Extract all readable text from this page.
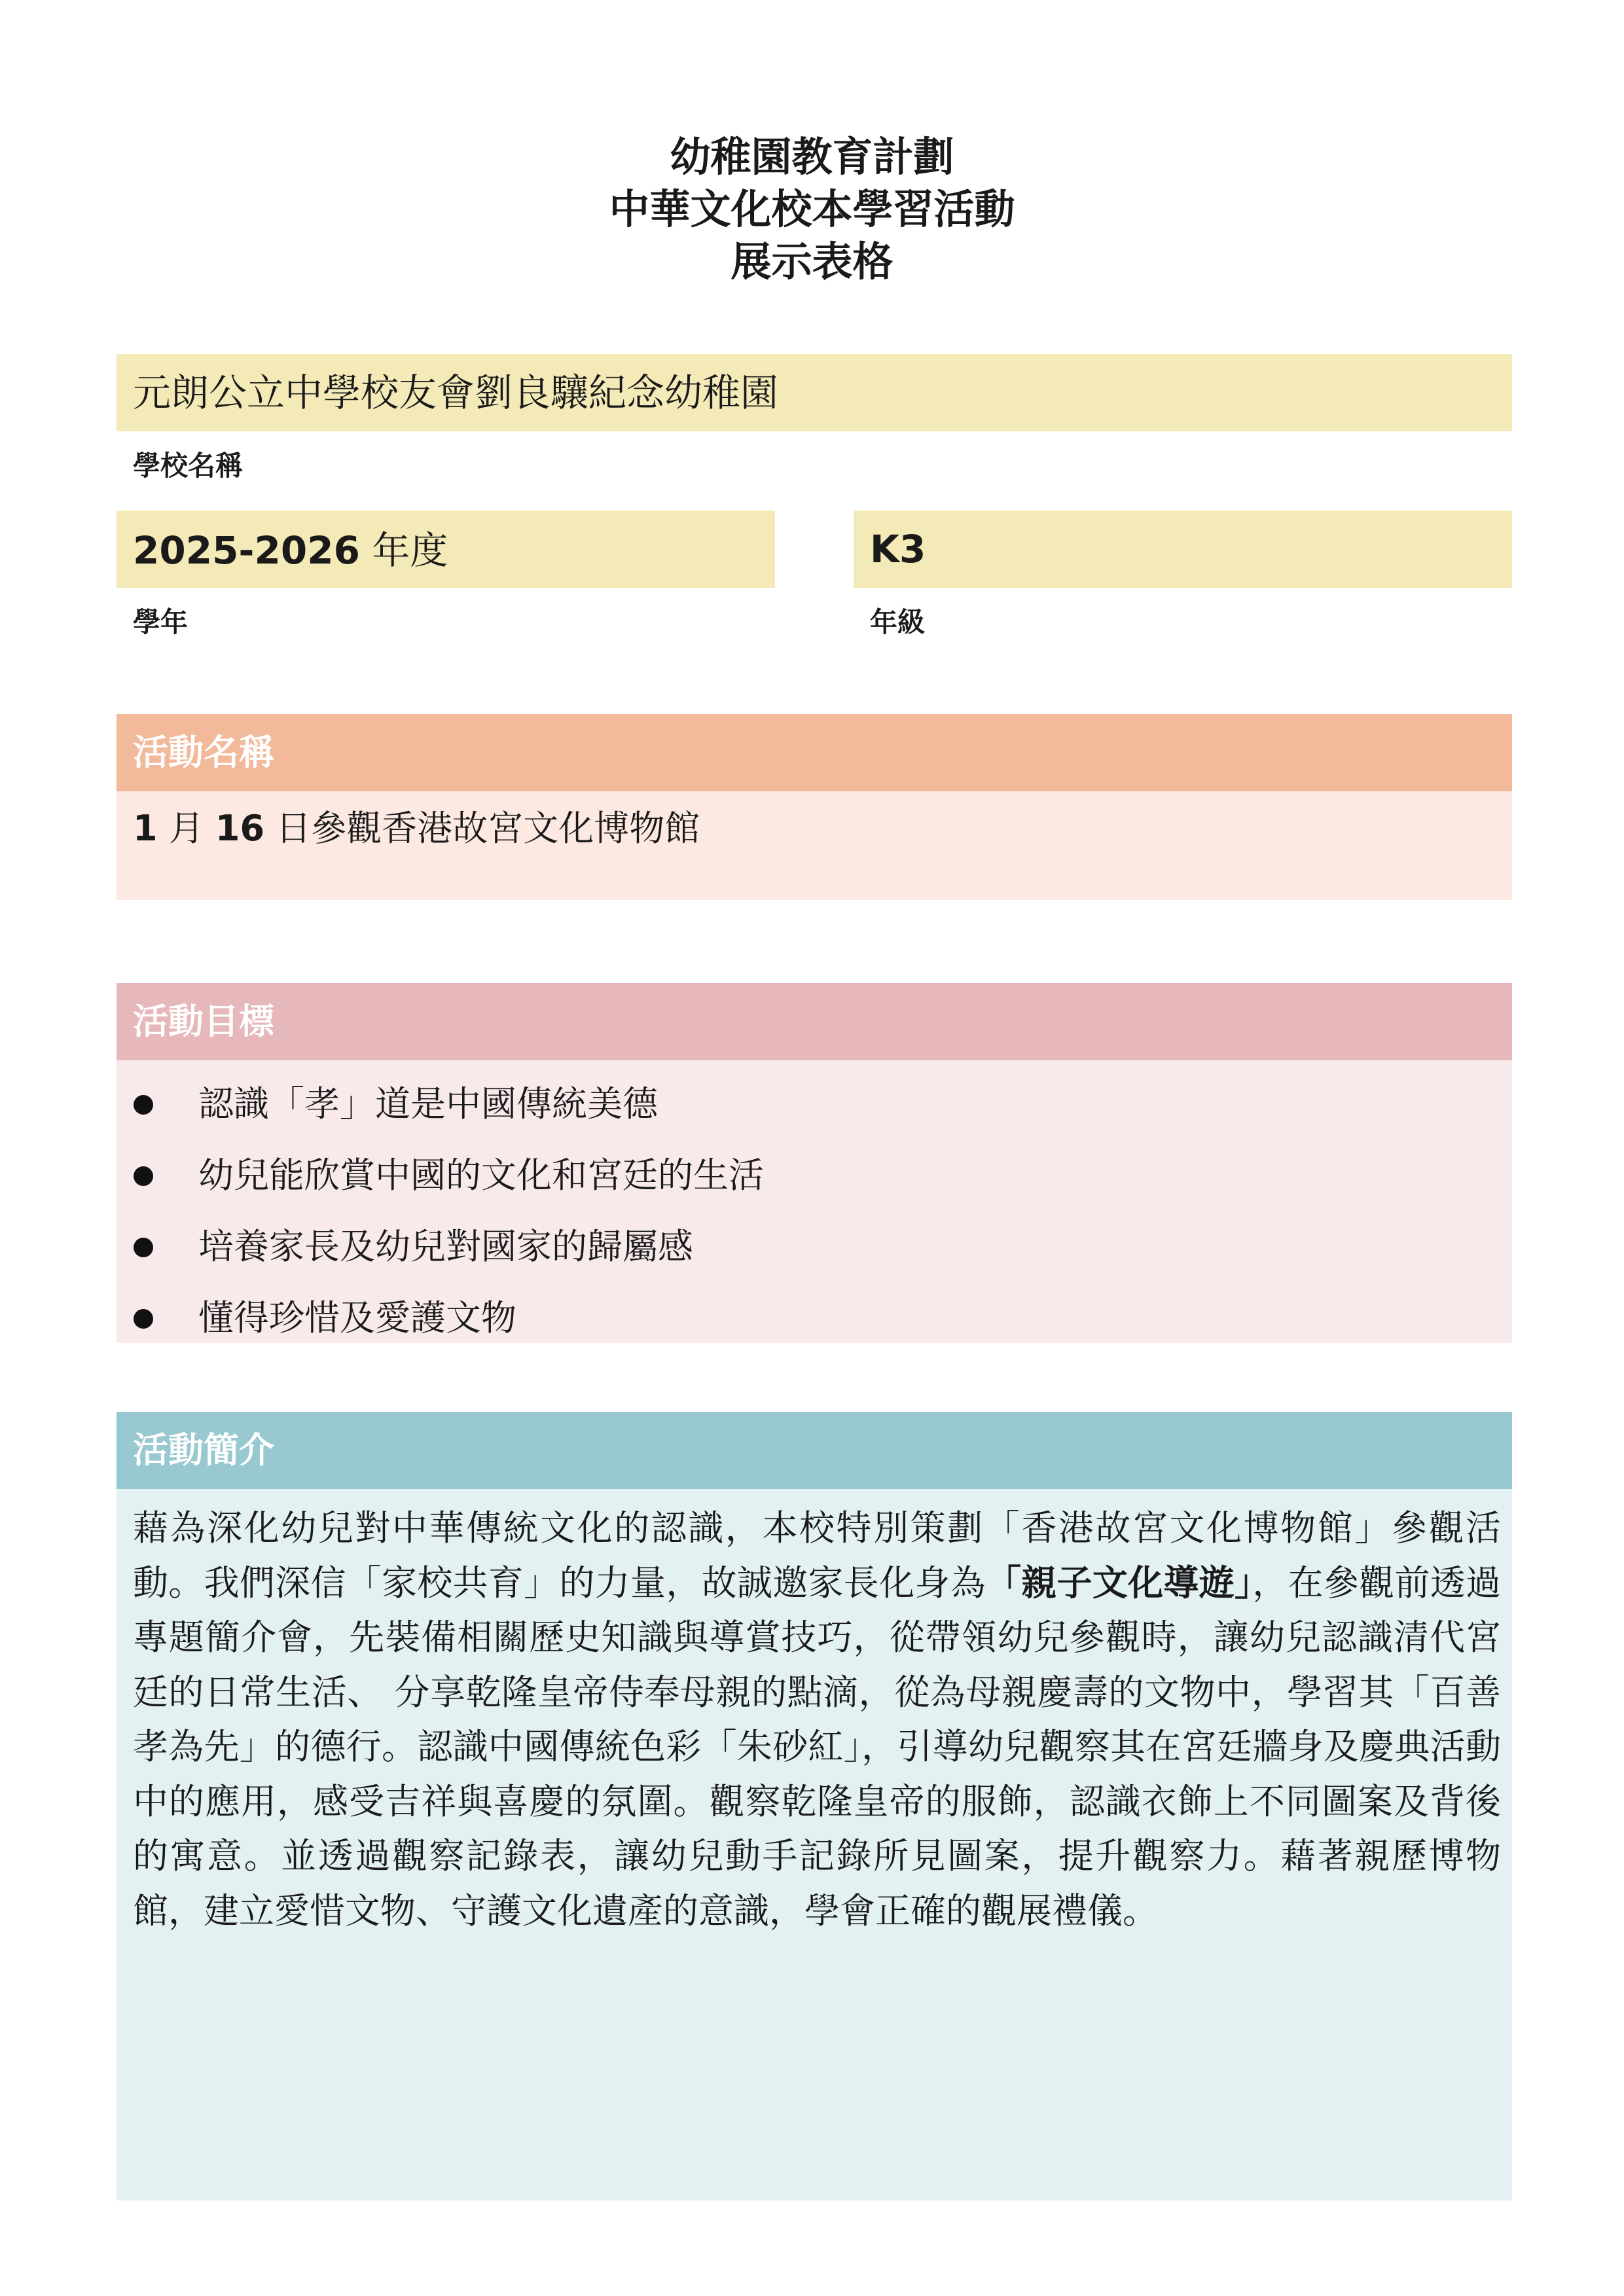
幼稚園教育計劃
中華文化校本學習活動
展示表格
元朗公立中學校友會劉良驤紀念幼稚園
學校名稱
2025-2026 年度
學年
K3
年級
活動名稱
1 月 16 日參觀香港故宮文化博物館
活動目標
認識「孝」道是中國傳統美德
幼兒能欣賞中國的文化和宮廷的生活
培養家長及幼兒對國家的歸屬感
懂得珍惜及愛護文物
活動簡介
藉為深化幼兒對中華傳統文化的認識，本校特別策劃「香港故宮文化博物館」參觀活動。我們深信「家校共育」的力量，故誠邀家長化身為「親子文化導遊」，在參觀前透過專題簡介會，先裝備相關歷史知識與導賞技巧，從帶領幼兒參觀時，讓幼兒認識清代宮廷的日常生活、 分享乾隆皇帝侍奉母親的點滴，從為母親慶壽的文物中，學習其「百善孝為先」的德行。認識中國傳統色彩「朱砂紅」，引導幼兒觀察其在宮廷牆身及慶典活動中的應用，感受吉祥與喜慶的氛圍。觀察乾隆皇帝的服飾，認識衣飾上不同圖案及背後的寓意。並透過觀察記錄表，讓幼兒動手記錄所見圖案，提升觀察力。藉著親歷博物館，建立愛惜文物、守護文化遺產的意識，學會正確的觀展禮儀。
